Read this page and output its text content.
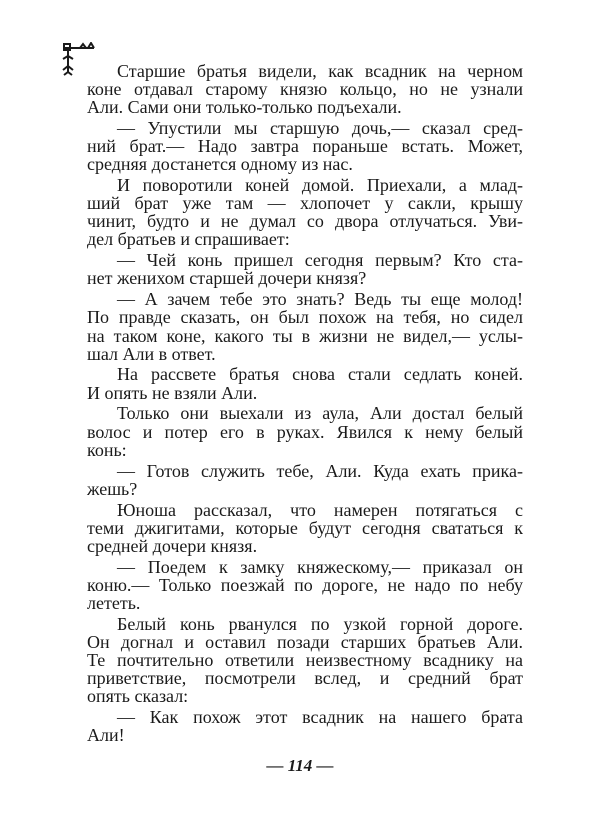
Старшие братья видели, как всадник на черном
коне отдавал старому князю кольцо, но не узнали
Али. Сами они только-только подъехали.
— Упустили мы старшую дочь,— сказал сред-
ний брат.— Надо завтра пораньше встать. Может,
средняя достанется одному из нас.
И поворотили коней домой. Приехали, а млад-
ший брат уже там — хлопочет у сакли, крышу
чинит, будто и не думал со двора отлучаться. Уви-
дел братьев и спрашивает:
— Чей конь пришел сегодня первым? Кто ста-
нет женихом старшей дочери князя?
— А зачем тебе это знать? Ведь ты еще молод!
По правде сказать, он был похож на тебя, но сидел
на таком коне, какого ты в жизни не видел,— услы-
шал Али в ответ.
На рассвете братья снова стали седлать коней.
И опять не взяли Али.
Только они выехали из аула, Али достал белый
волос и потер его в руках. Явился к нему белый
конь:
— Готов служить тебе, Али. Куда ехать прика-
жешь?
Юноша рассказал, что намерен потягаться с
теми джигитами, которые будут сегодня свататься к
средней дочери князя.
— Поедем к замку княжескому,— приказал он
коню.— Только поезжай по дороге, не надо по небу
лететь.
Белый конь рванулся по узкой горной дороге.
Он догнал и оставил позади старших братьев Али.
Те почтительно ответили неизвестному всаднику на
приветствие, посмотрели вслед, и средний брат
опять сказал:
— Как похож этот всадник на нашего брата
Али!
— 114 —
